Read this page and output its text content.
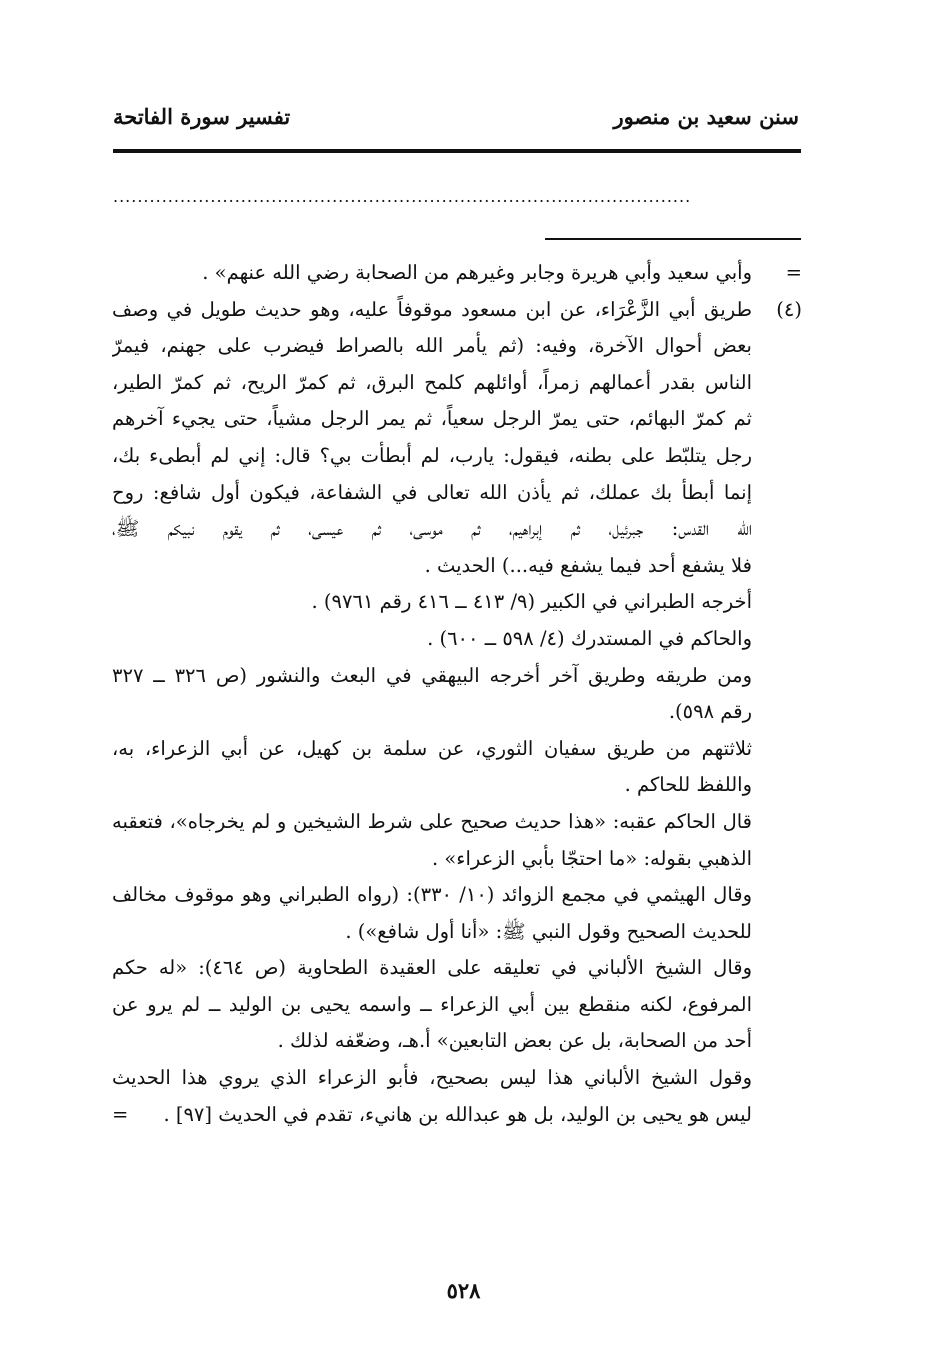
سنن سعيد بن منصور
تفسير سورة الفاتحة
...............................................................................................
=
وأبي سعيد وأبي هريرة وجابر وغيرهم من الصحابة رضي الله عنهم» .
(٤)
طريق أبي الزَّعْرَاء، عن ابن مسعود موقوفاً عليه، وهو حديث طويل في وصف
بعض أحوال الآخرة، وفيه: (ثم يأمر الله بالصراط فيضرب على جهنم، فيمرّ
الناس بقدر أعمالهم زمراً، أوائلهم كلمح البرق، ثم كمرّ الريح، ثم كمرّ الطير،
ثم كمرّ البهائم، حتى يمرّ الرجل سعياً، ثم يمر الرجل مشياً، حتى يجيء آخرهم
رجل يتلبّط على بطنه، فيقول: يارب، لم أبطأت بي؟ قال: إني لم أبطىء بك،
إنما أبطأ بك عملك، ثم يأذن الله تعالى في الشفاعة، فيكون أول شافع: روح
الله القدس: جبرئيل، ثم إبراهيم، ثم موسى، ثم عيسى، ثم يقوم نبيكم ﷺ،
فلا يشفع أحد فيما يشفع فيه...) الحديث .
أخرجه الطبراني في الكبير (٩/ ٤١٣ ــ ٤١٦ رقم ٩٧٦١) .
والحاكم في المستدرك (٤/ ٥٩٨ ــ ٦٠٠) .
ومن طريقه وطريق آخر أخرجه البيهقي في البعث والنشور (ص ٣٢٦ ــ ٣٢٧
رقم ٥٩٨).
ثلاثتهم من طريق سفيان الثوري، عن سلمة بن كهيل، عن أبي الزعراء، به،
واللفظ للحاكم .
قال الحاكم عقبه: «هذا حديث صحيح على شرط الشيخين و لم يخرجاه»، فتعقبه
الذهبي بقوله: «ما احتجّا بأبي الزعراء» .
وقال الهيثمي في مجمع الزوائد (١٠/ ٣٣٠): (رواه الطبراني وهو موقوف مخالف
للحديث الصحيح وقول النبي ﷺ: «أنا أول شافع») .
وقال الشيخ الألباني في تعليقه على العقيدة الطحاوية (ص ٤٦٤): «له حكم
المرفوع، لكنه منقطع بين أبي الزعراء ــ واسمه يحيى بن الوليد ــ لم يرو عن
أحد من الصحابة، بل عن بعض التابعين» أ.هـ، وضعّفه لذلك .
وقول الشيخ الألباني هذا ليس بصحيح، فأبو الزعراء الذي يروي هذا الحديث
ليس هو يحيى بن الوليد، بل هو عبدالله بن هانيء، تقدم في الحديث [٩٧] .
=
٥٢٨
